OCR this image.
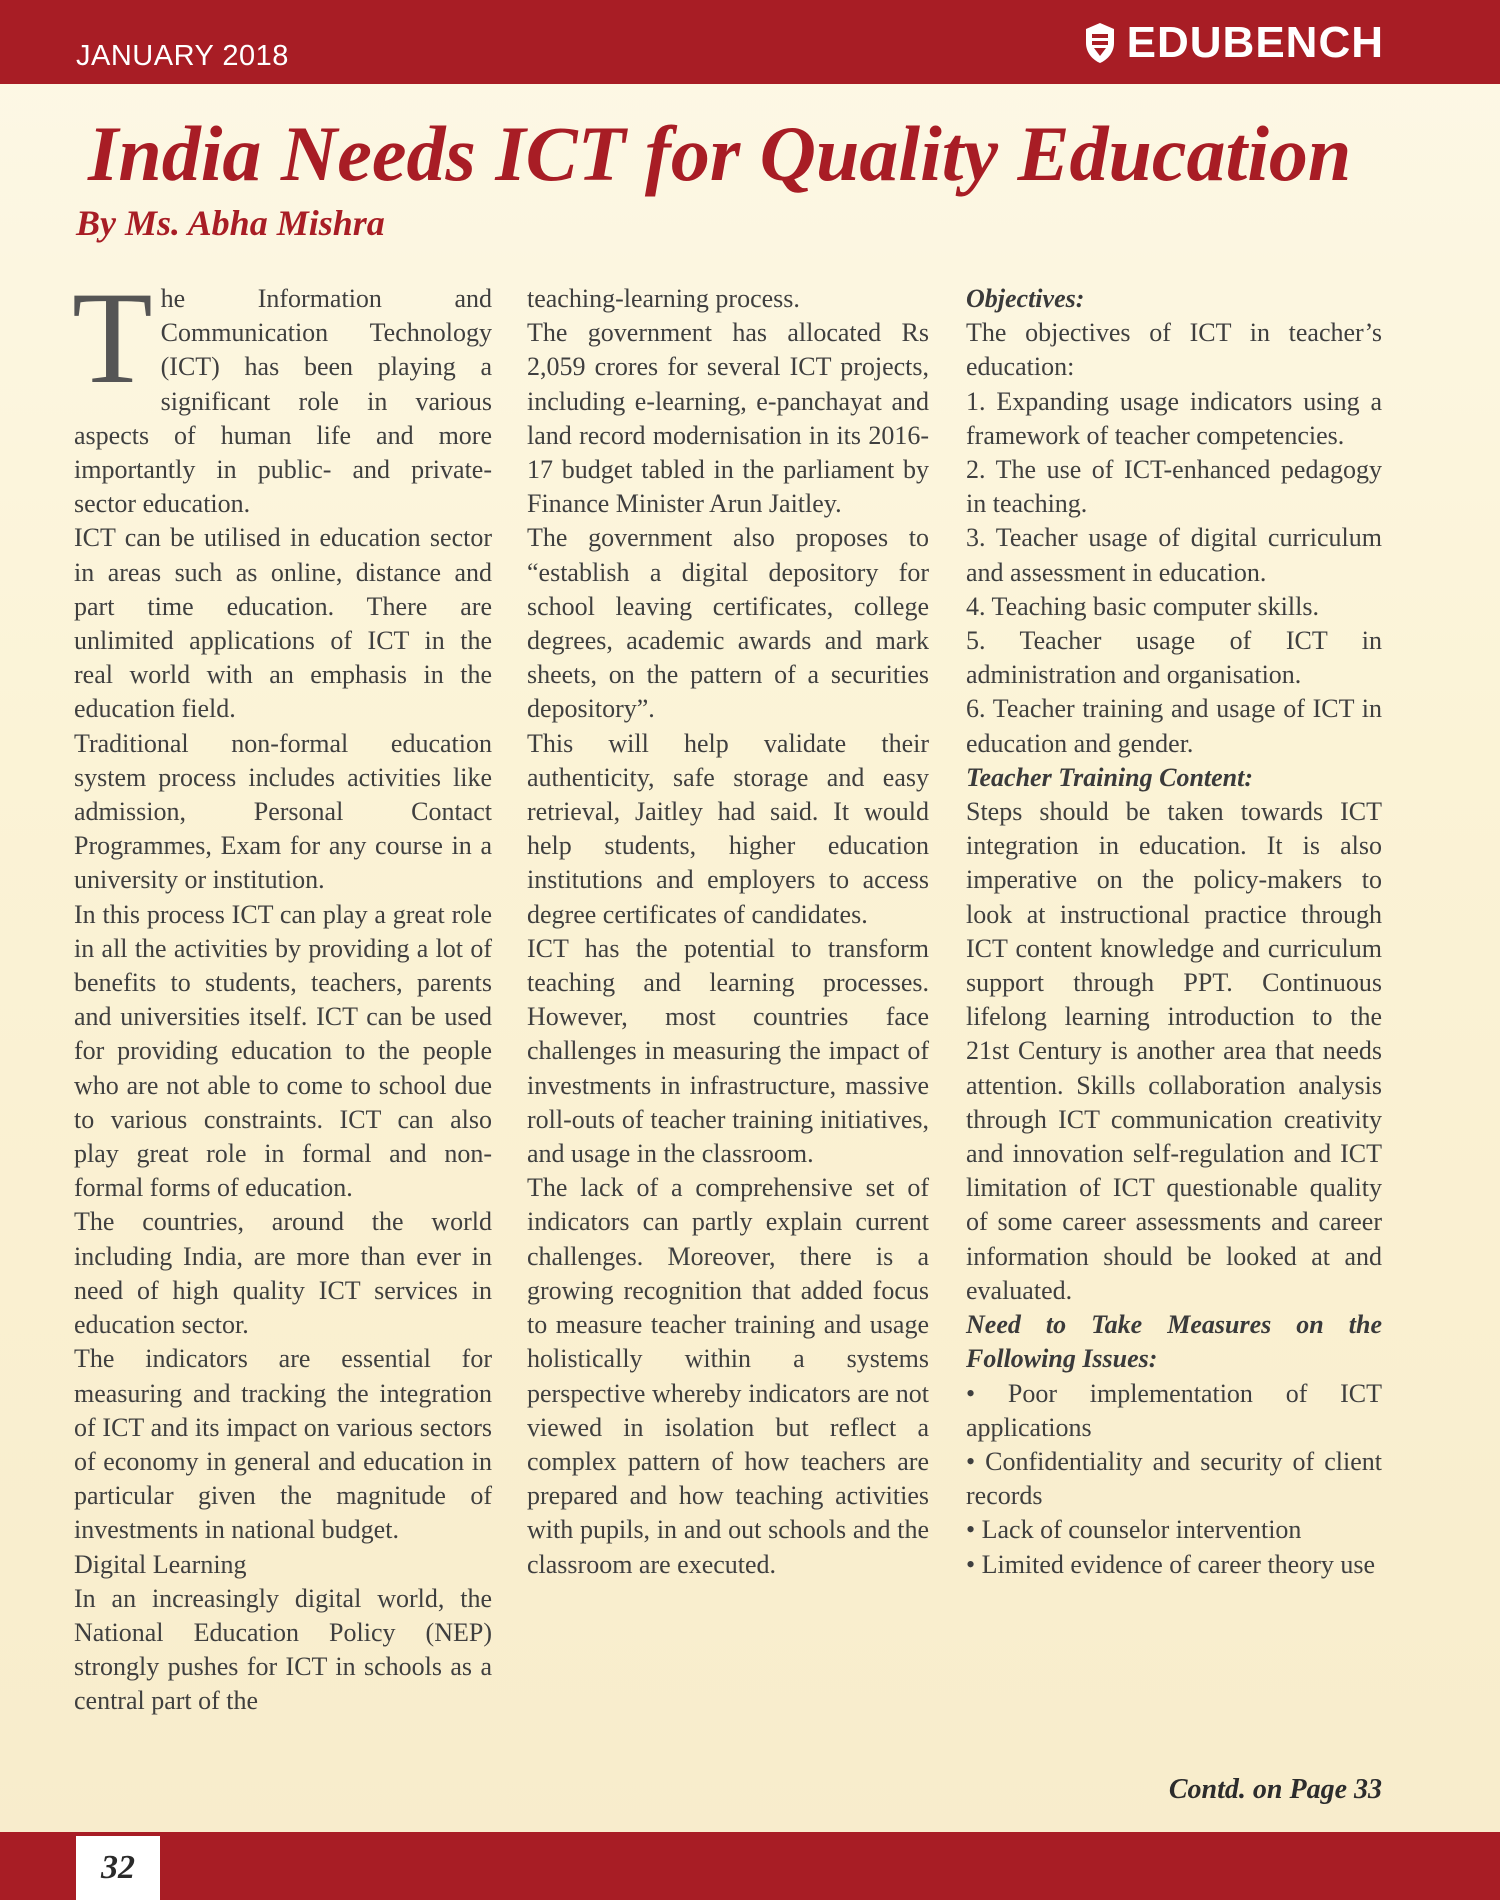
JANUARY 2018	EDUBENCH
India Needs ICT for Quality Education
By Ms. Abha Mishra

The Information and Communication Technology (ICT) has been playing a significant role in various aspects of human life and more importantly in public- and private-sector education.

ICT can be utilised in education sector in areas such as online, distance and part time education. There are unlimited applications of ICT in the real world with an emphasis in the education field.

Traditional non-formal education system process includes activities like admission, Personal Contact Programmes, Exam for any course in a university or institution.

In this process ICT can play a great role in all the activities by providing a lot of benefits to students, teachers, parents and universities itself. ICT can be used for providing education to the people who are not able to come to school due to various constraints. ICT can also play great role in formal and non-formal forms of education.

The countries, around the world including India, are more than ever in need of high quality ICT services in education sector.

The indicators are essential for measuring and tracking the integration of ICT and its impact on various sectors of economy in general and education in particular given the magnitude of investments in national budget.

Digital Learning

In an increasingly digital world, the National Education Policy (NEP) strongly pushes for ICT in schools as a central part of the

teaching-learning process.

The government has allocated Rs 2,059 crores for several ICT projects, including e-learning, e-panchayat and land record modernisation in its 2016-17 budget tabled in the parliament by Finance Minister Arun Jaitley.

The government also proposes to “establish a digital depository for school leaving certificates, college degrees, academic awards and mark sheets, on the pattern of a securities depository”.

This will help validate their authenticity, safe storage and easy retrieval, Jaitley had said. It would help students, higher education institutions and employers to access degree certificates of candidates.

ICT has the potential to transform teaching and learning processes. However, most countries face challenges in measuring the impact of investments in infrastructure, massive roll-outs of teacher training initiatives, and usage in the classroom.

The lack of a comprehensive set of indicators can partly explain current challenges. Moreover, there is a growing recognition that added focus to measure teacher training and usage holistically within a systems perspective whereby indicators are not viewed in isolation but reflect a complex pattern of how teachers are prepared and how teaching activities with pupils, in and out schools and the classroom are executed.

Objectives:

The objectives of ICT in teacher’s education:

1. Expanding usage indicators using a framework of teacher competencies.

2. The use of ICT-enhanced pedagogy in teaching.

3. Teacher usage of digital curriculum and assessment in education.

4. Teaching basic computer skills.

5. Teacher usage of ICT in administration and organisation.

6. Teacher training and usage of ICT in education and gender.

Teacher Training Content:

Steps should be taken towards ICT integration in education. It is also imperative on the policy-makers to look at instructional practice through ICT content knowledge and curriculum support through PPT. Continuous lifelong learning introduction to the 21st Century is another area that needs attention. Skills collaboration analysis through ICT communication creativity and innovation self-regulation and ICT limitation of ICT questionable quality of some career assessments and career information should be looked at and evaluated.

Need to Take Measures on the Following Issues:

• Poor implementation of ICT applications

• Confidentiality and security of client records

• Lack of counselor intervention

• Limited evidence of career theory use

Contd. on Page 33

32
